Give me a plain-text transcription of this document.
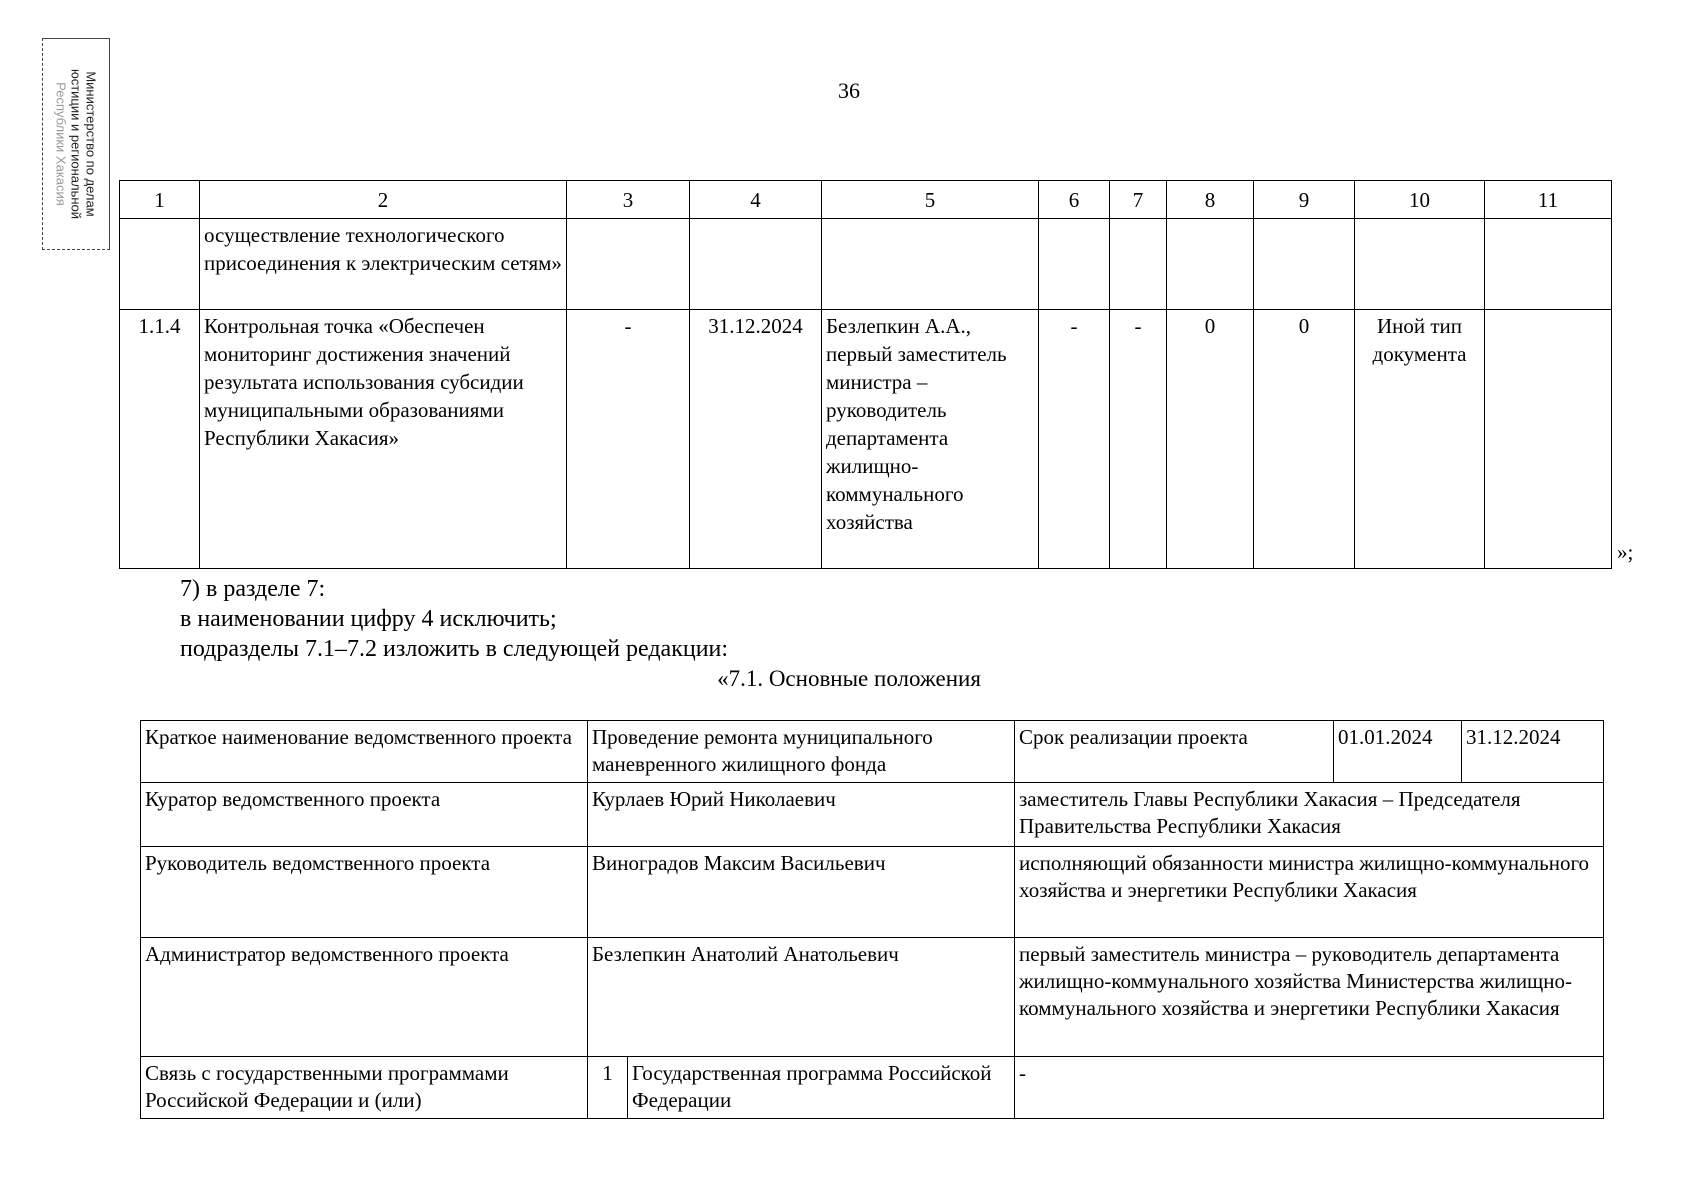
Министерство по делам
юстиции и региональной
Республики Хакасия	36
1	2	3	4	5	6	7	8	9	10	11
	осуществление технологического присоединения к электрическим сетям»									
1.1.4	Контрольная точка «Обеспечен мониторинг достижения значений результата использования субсидии муниципальными образованиями Республики Хакасия»	-	31.12.2024	Безлепкин А.А., первый заместитель министра – руководитель департамента жилищно-коммунального хозяйства	-	-	0	0	Иной тип документа	
»;
7) в разделе 7:
в наименовании цифру 4 исключить;
подразделы 7.1–7.2 изложить в следующей редакции:
«7.1. Основные положения
Краткое наименование ведомственного проекта	Проведение ремонта муниципального маневренного жилищного фонда		Срок реализации проекта	01.01.2024	31.12.2024
Куратор ведомственного проекта	Курлаев Юрий Николаевич		заместитель Главы Республики Хакасия – Председателя Правительства Республики Хакасия		
Руководитель ведомственного проекта	Виноградов Максим Васильевич		исполняющий обязанности министра жилищно-коммунального хозяйства и энергетики Республики Хакасия		
Администратор ведомственного проекта	Безлепкин Анатолий Анатольевич		первый заместитель министра – руководитель департамента жилищно-коммунального хозяйства Министерства жилищно-коммунального хозяйства и энергетики Республики Хакасия		
Связь с государственными программами Российской Федерации и (или)	1	Государственная программа Российской Федерации	-		
